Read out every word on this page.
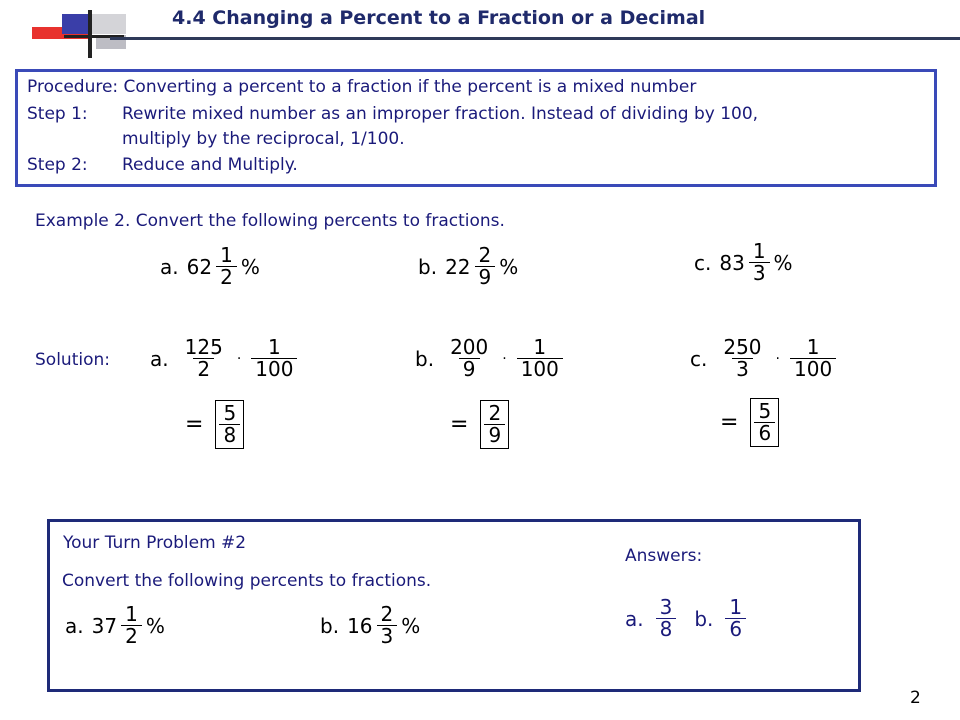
4.4 Changing a Percent to a Fraction or a Decimal
Procedure: Converting a percent to a fraction if the percent is a mixed number
Step 1: Rewrite mixed number as an improper fraction. Instead of dividing by 100,
multiply by the reciprocal, 1/100.
Step 2: Reduce and Multiply.
Example 2. Convert the following percents to fractions.
a. $62 \frac{1}{2}$ %	b. $22 \frac{2}{9}$ %	c. $83 \frac{1}{3}$ %
Solution: a. $\frac{125}{2} \cdot \frac{1}{100}$
= $\frac{5}{8}$
b. $\frac{200}{9} \cdot \frac{1}{100}$
= $\frac{2}{9}$
c. $\frac{250}{3} \cdot \frac{1}{100}$
= $\frac{5}{6}$
Your Turn Problem #2
Convert the following percents to fractions.
Answers:
a. $37 \frac{1}{2}$ %	b. $16 \frac{2}{3}$ %	a. $\frac{3}{8} b$. $\frac{1}{6}$
2
